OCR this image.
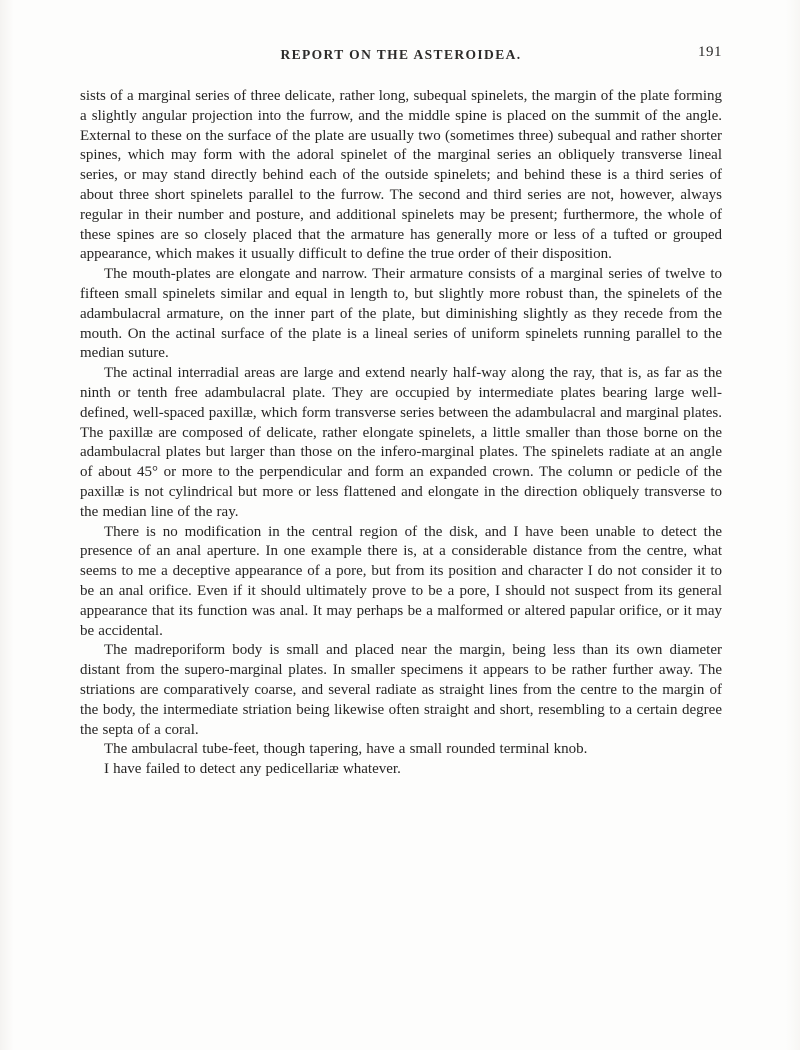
REPORT ON THE ASTEROIDEA.	191

sists of a marginal series of three delicate, rather long, subequal spinelets, the margin of the plate forming a slightly angular projection into the furrow, and the middle spine is placed on the summit of the angle. External to these on the surface of the plate are usually two (sometimes three) subequal and rather shorter spines, which may form with the adoral spinelet of the marginal series an obliquely transverse lineal series, or may stand directly behind each of the outside spinelets; and behind these is a third series of about three short spinelets parallel to the furrow. The second and third series are not, however, always regular in their number and posture, and additional spinelets may be present; furthermore, the whole of these spines are so closely placed that the armature has generally more or less of a tufted or grouped appearance, which makes it usually difficult to define the true order of their disposition.

The mouth-plates are elongate and narrow. Their armature consists of a marginal series of twelve to fifteen small spinelets similar and equal in length to, but slightly more robust than, the spinelets of the adambulacral armature, on the inner part of the plate, but diminishing slightly as they recede from the mouth. On the actinal surface of the plate is a lineal series of uniform spinelets running parallel to the median suture.

The actinal interradial areas are large and extend nearly half-way along the ray, that is, as far as the ninth or tenth free adambulacral plate. They are occupied by intermediate plates bearing large well-defined, well-spaced paxillæ, which form transverse series between the adambulacral and marginal plates. The paxillæ are composed of delicate, rather elongate spinelets, a little smaller than those borne on the adambulacral plates but larger than those on the infero-marginal plates. The spinelets radiate at an angle of about 45° or more to the perpendicular and form an expanded crown. The column or pedicle of the paxillæ is not cylindrical but more or less flattened and elongate in the direction obliquely transverse to the median line of the ray.

There is no modification in the central region of the disk, and I have been unable to detect the presence of an anal aperture. In one example there is, at a considerable distance from the centre, what seems to me a deceptive appearance of a pore, but from its position and character I do not consider it to be an anal orifice. Even if it should ultimately prove to be a pore, I should not suspect from its general appearance that its function was anal. It may perhaps be a malformed or altered papular orifice, or it may be accidental.

The madreporiform body is small and placed near the margin, being less than its own diameter distant from the supero-marginal plates. In smaller specimens it appears to be rather further away. The striations are comparatively coarse, and several radiate as straight lines from the centre to the margin of the body, the intermediate striation being likewise often straight and short, resembling to a certain degree the septa of a coral.

The ambulacral tube-feet, though tapering, have a small rounded terminal knob.

I have failed to detect any pedicellariæ whatever.
